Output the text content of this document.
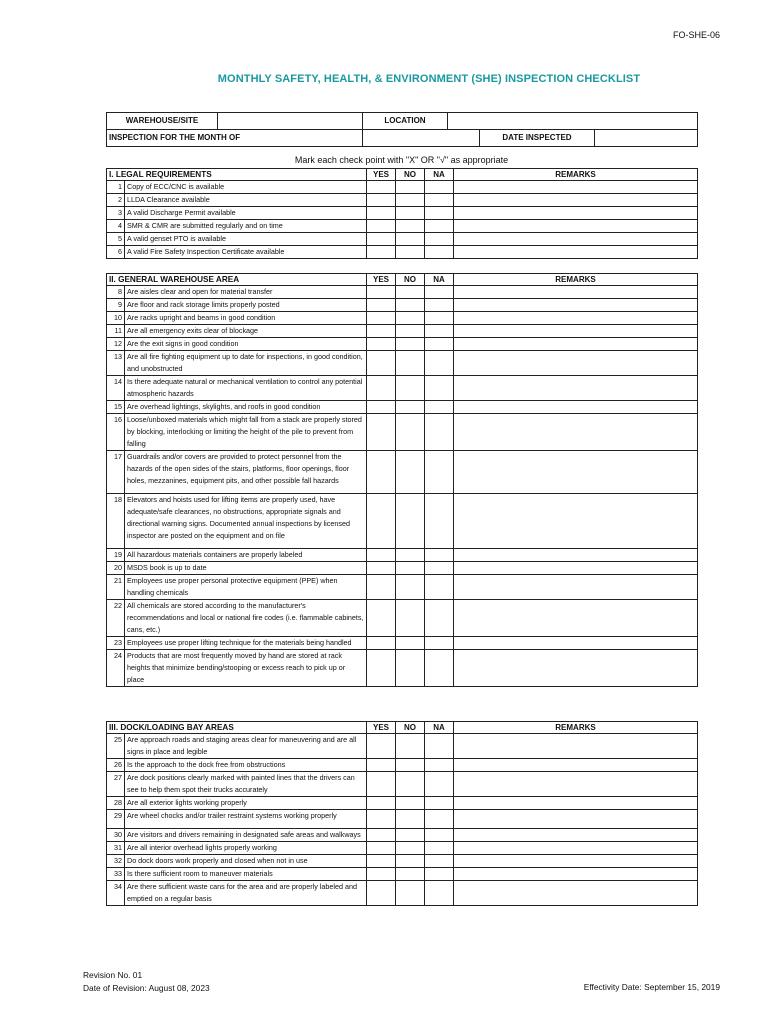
FO-SHE-06
MONTHLY SAFETY, HEALTH, & ENVIRONMENT (SHE) INSPECTION CHECKLIST
WAREHOUSE/SITE		LOCATION	
INSPECTION FOR THE MONTH OF	
		DATE INSPECTED	
Mark each check point with "X" OR "√" as appropriate
I. LEGAL REQUIREMENTS		YES	NO	NA	REMARKS
1	Copy of ECC/CNC is available				
2	LLDA Clearance available				
3	A valid Discharge Permit available				
4	SMR & CMR are submitted regularly and on time				
5	A valid genset PTO is available				
6	A valid Fire Safety Inspection Certificate available				
II. GENERAL WAREHOUSE AREA		YES	NO	NA	REMARKS
8	Are aisles clear and open for material transfer				
9	Are floor and rack storage limits properly posted				
10	Are racks upright and beams in good condition				
11	Are all emergency exits clear of blockage				
12	Are the exit signs in good condition				
13	Are all fire fighting equipment up to date for inspections, in good condition, and unobstructed				
14	Is there adequate natural or mechanical ventilation to control any potential atmospheric hazards				
15	Are overhead lightings, skylights, and roofs in good condition				
16	Loose/unboxed materials which might fall from a stack are properly stored by blocking, interlocking or limiting the height of the pile to prevent from falling				
17	Guardrails and/or covers are provided to protect personnel from the hazards of the open sides of the stairs, platforms, floor openings, floor holes, mezzanines, equipment pits, and other possible fall hazards				
18	Elevators and hoists used for lifting items are properly used, have adequate/safe clearances, no obstructions, appropriate signals and directional warning signs. Documented annual inspections by licensed inspector are posted on the equipment and on file				
19	All hazardous materials containers are properly labeled				
20	MSDS book is up to date				
21	Employees use proper personal protective equipment (PPE) when handling chemicals				
22	All chemicals are stored according to the manufacturer's recommendations and local or national fire codes (i.e. flammable cabinets, cans, etc.)				
23	Employees use proper lifting technique for the materials being handled				
24	Products that are most frequently moved by hand are stored at rack heights that minimize bending/stooping or excess reach to pick up or place				
III. DOCK/LOADING BAY AREAS		YES	NO	NA	REMARKS
25	Are approach roads and staging areas clear for maneuvering and are all signs in place and legible				
26	Is the approach to the dock free from obstructions				
27	Are dock positions clearly marked with painted lines that the drivers can see to help them spot their trucks accurately				
28	Are all exterior lights working properly				
29	Are wheel chocks and/or trailer restraint systems working properly				
30	Are visitors and drivers remaining in designated safe areas and walkways				
31	Are all interior overhead lights properly working				
32	Do dock doors work properly and closed when not in use				
33	Is there sufficient room to maneuver materials				
34	Are there sufficient waste cans for the area and are properly labeled and emptied on a regular basis				
Revision No. 01
Date of Revision: August 08, 2023	Effectivity Date: September 15, 2019
